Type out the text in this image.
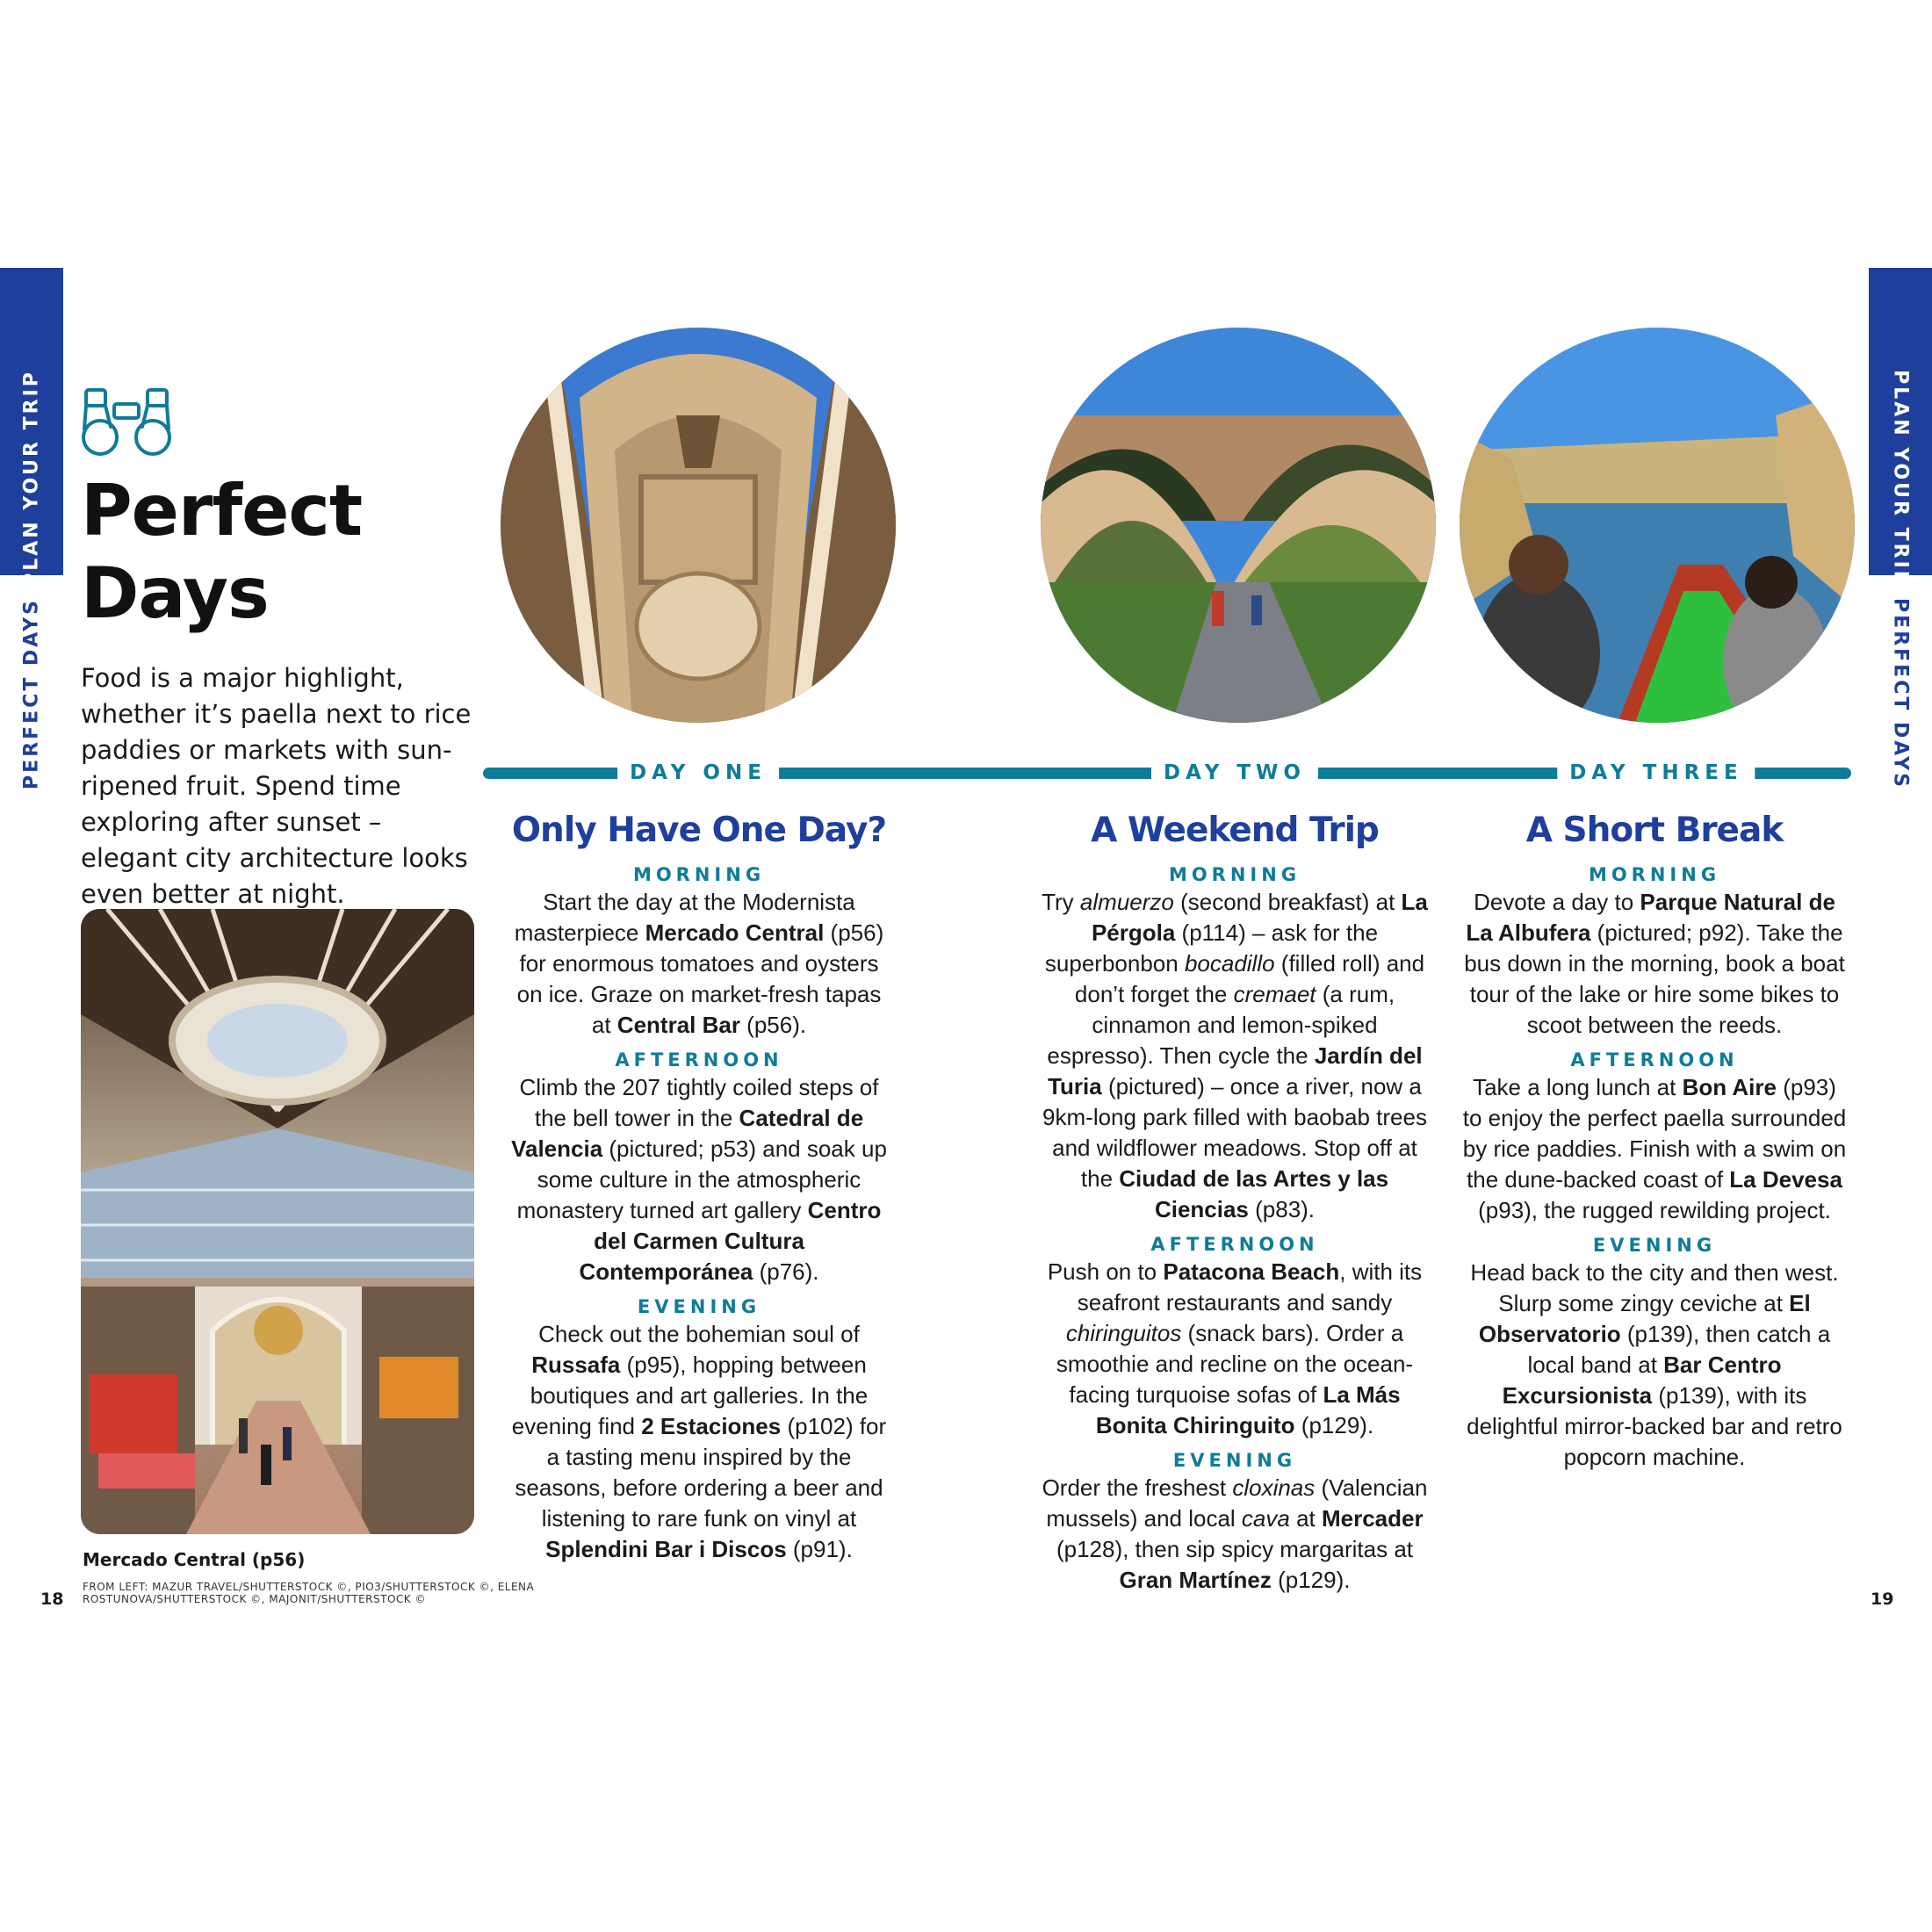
PLAN YOUR TRIP
PERFECT DAYS
PLAN YOUR TRIP
PERFECT DAYS
Perfect
Days

Food is a major highlight, whether it’s paella next to rice paddies or markets with sun-ripened fruit. Spend time exploring after sunset – elegant city architecture looks even better at night.

Mercado Central (p56)
FROM LEFT: MAZUR TRAVEL/SHUTTERSTOCK ©, PIO3/SHUTTERSTOCK ©, ELENA ROSTUNOVA/SHUTTERSTOCK ©, MAJONIT/SHUTTERSTOCK ©
18	19
DAY ONE	DAY TWO	DAY THREE
Only Have One Day?
MORNING

Start the day at the Modernista masterpiece Mercado Central (p56) for enormous tomatoes and oysters on ice. Graze on market-fresh tapas at Central Bar (p56).

AFTERNOON

Climb the 207 tightly coiled steps of the bell tower in the Catedral de Valencia (pictured; p53) and soak up some culture in the atmospheric monastery turned art gallery Centro del Carmen Cultura Contemporánea (p76).

EVENING

Check out the bohemian soul of Russafa (p95), hopping between boutiques and art galleries. In the evening find 2 Estaciones (p102) for a tasting menu inspired by the seasons, before ordering a beer and listening to rare funk on vinyl at Splendini Bar i Discos (p91).

A Weekend Trip
MORNING

Try almuerzo (second breakfast) at La Pérgola (p114) – ask for the superbonbon bocadillo (filled roll) and don’t forget the cremaet (a rum, cinnamon and lemon-spiked espresso). Then cycle the Jardín del Turia (pictured) – once a river, now a 9km-long park filled with baobab trees and wildflower meadows. Stop off at the Ciudad de las Artes y las Ciencias (p83).

AFTERNOON

Push on to Patacona Beach, with its seafront restaurants and sandy chiringuitos (snack bars). Order a smoothie and recline on the ocean-facing turquoise sofas of La Más Bonita Chiringuito (p129).

EVENING

Order the freshest cloxinas (Valencian mussels) and local cava at Mercader (p128), then sip spicy margaritas at Gran Martínez (p129).

A Short Break
MORNING

Devote a day to Parque Natural de La Albufera (pictured; p92). Take the bus down in the morning, book a boat tour of the lake or hire some bikes to scoot between the reeds.

AFTERNOON

Take a long lunch at Bon Aire (p93) to enjoy the perfect paella surrounded by rice paddies. Finish with a swim on the dune-backed coast of La Devesa (p93), the rugged rewilding project.

EVENING

Head back to the city and then west. Slurp some zingy ceviche at El Observatorio (p139), then catch a local band at Bar Centro Excursionista (p139), with its delightful mirror-backed bar and retro popcorn machine.
